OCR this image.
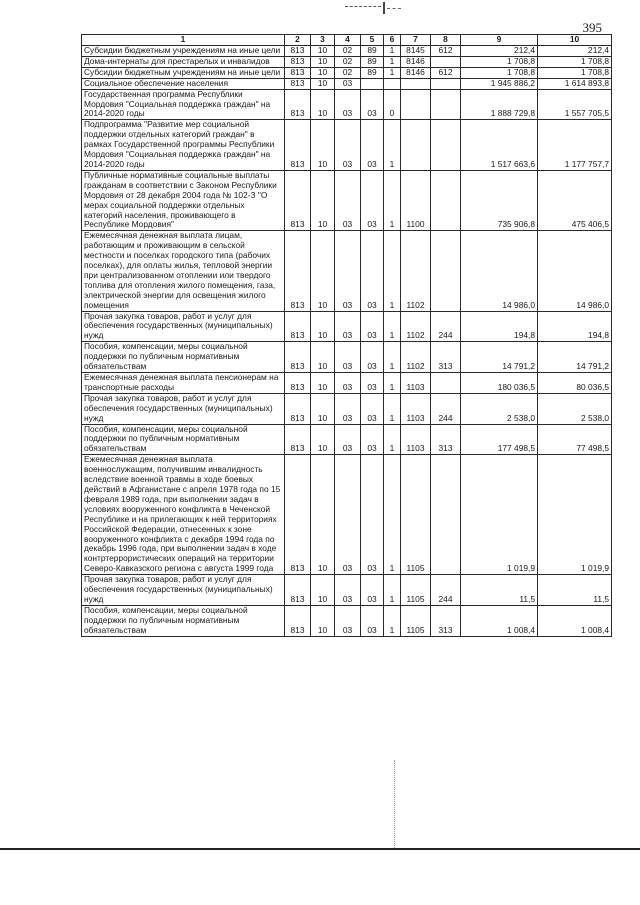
395
1	2	3	4	5	6	7	8	9	10
Субсидии бюджетным учреждениям на иные цели	813	10	02	89	1	8145	612	212,4	212,4
Дома-интернаты для престарелых и инвалидов	813	10	02	89	1	8146		1 708,8	1 708,8
Субсидии бюджетным учреждениям на иные цели	813	10	02	89	1	8146	612	1 708,8	1 708,8
Социальное обеспечение населения	813	10	03					1 945 886,2	1 614 893,8
Государственная программа Республики Мордовия "Социальная поддержка граждан" на 2014-2020 годы	813	10	03	03	0			1 888 729,8	1 557 705,5
Подпрограмма "Развитие мер социальной поддержки отдельных категорий граждан" в рамках Государственной программы Республики Мордовия "Социальная поддержка граждан" на 2014-2020 годы	813	10	03	03	1			1 517 663,6	1 177 757,7
Публичные нормативные социальные выплаты гражданам в соответствии с Законом Республики Мордовия от 28 декабря 2004 года № 102-З "О мерах социальной поддержки отдельных категорий населения, проживающего в Республике Мордовия"	813	10	03	03	1	1100		735 906,8	475 406,5
Ежемесячная денежная выплата лицам, работающим и проживающим в сельской местности и поселках городского типа (рабочих поселках), для оплаты жилья, тепловой энергии при централизованном отоплении или твердого топлива для отопления жилого помещения, газа, электрической энергии для освещения жилого помещения	813	10	03	03	1	1102		14 986,0	14 986,0
Прочая закупка товаров, работ и услуг для обеспечения государственных (муниципальных) нужд	813	10	03	03	1	1102	244	194,8	194,8
Пособия, компенсации, меры социальной поддержки по публичным нормативным обязательствам	813	10	03	03	1	1102	313	14 791,2	14 791,2
Ежемесячная денежная выплата пенсионерам на транспортные расходы	813	10	03	03	1	1103		180 036,5	80 036,5
Прочая закупка товаров, работ и услуг для обеспечения государственных (муниципальных) нужд	813	10	03	03	1	1103	244	2 538,0	2 538,0
Пособия, компенсации, меры социальной поддержки по публичным нормативным обязательствам	813	10	03	03	1	1103	313	177 498,5	77 498,5
Ежемесячная денежная выплата военнослужащим, получившим инвалидность вследствие военной травмы в ходе боевых действий в Афганистане с апреля 1978 года по 15 февраля 1989 года, при выполнении задач в условиях вооруженного конфликта в Чеченской Республике и на прилегающих к ней территориях Российской Федерации, отнесенных к зоне вооруженного конфликта с декабря 1994 года по декабрь 1996 года, при выполнении задач в ходе контртеррористических операций на территории Северо-Кавказского региона с августа 1999 года	813	10	03	03	1	1105		1 019,9	1 019,9
Прочая закупка товаров, работ и услуг для обеспечения государственных (муниципальных) нужд	813	10	03	03	1	1105	244	11,5	11,5
Пособия, компенсации, меры социальной поддержки по публичным нормативным обязательствам	813	10	03	03	1	1105	313	1 008,4	1 008,4
